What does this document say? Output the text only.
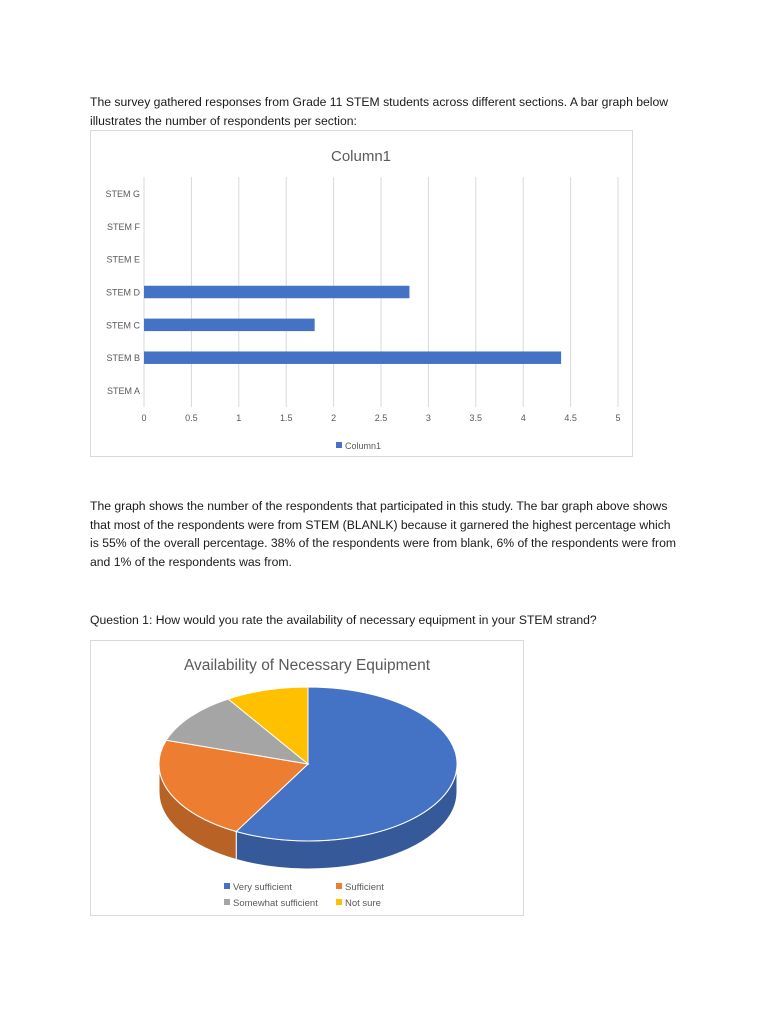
The survey gathered responses from Grade 11 STEM students across different sections. A bar graph below illustrates the number of respondents per section:

Column1
0	0.5	1	1.5	2	2.5	3	3.5	4	4.5	5
STEM A
STEM B
STEM C
STEM D
STEM E
STEM F
STEM G
Column1

The graph shows the number of the respondents that participated in this study. The bar graph above shows that most of the respondents were from STEM (BLANLK) because it garnered the highest percentage which is 55% of the overall percentage. 38% of the respondents were from blank, 6% of the respondents were from and 1% of the respondents was from.

Question 1: How would you rate the availability of necessary equipment in your STEM strand?

Availability of Necessary Equipment
Very sufficient	Sufficient
Somewhat sufficient	Not sure
